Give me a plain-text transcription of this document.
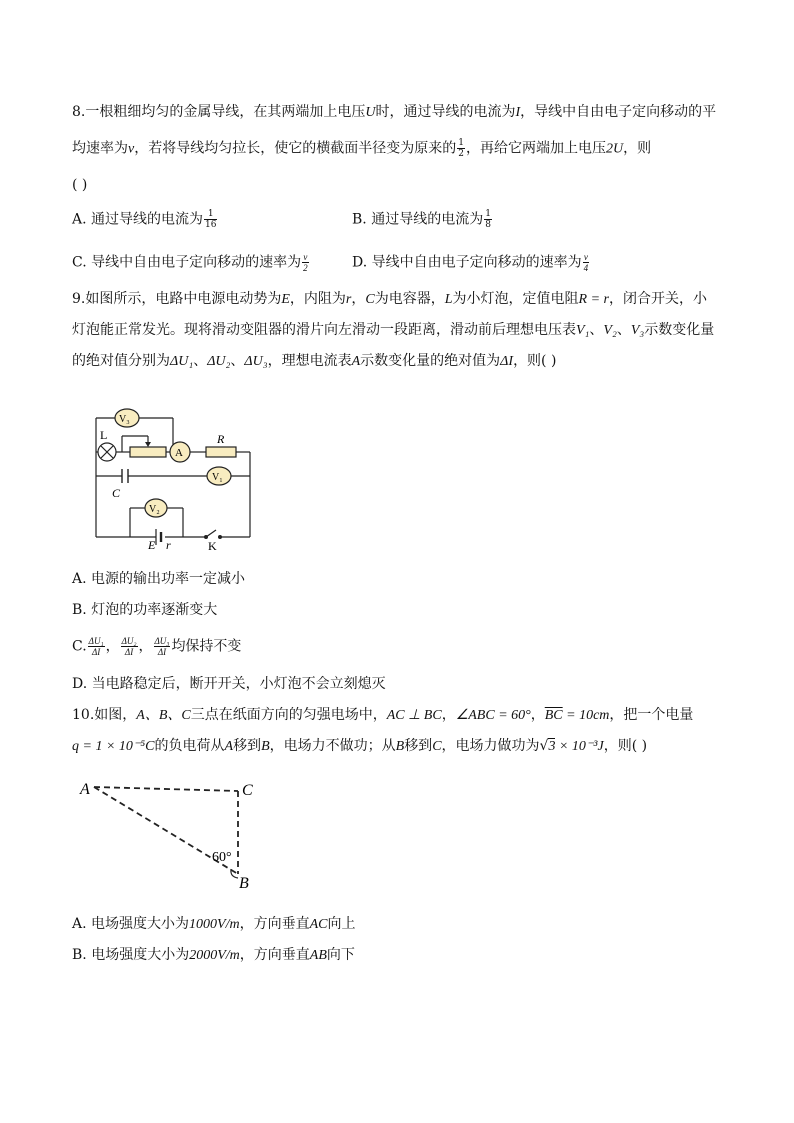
8.一根粗细均匀的金属导线，在其两端加上电压U时，通过导线的电流为I，导线中自由电子定向移动的平
均速率为v，若将导线均匀拉长，使它的横截面半径变为原来的 $\frac{1}{2}$ ，再给它两端加上电压2U，则
( )
A. 通过导线的电流为 $\frac{1}{16}$	B. 通过导线的电流为 $\frac{1}{8}$
C. 导线中自由电子定向移动的速率为 $\frac{v}{2}$	D. 导线中自由电子定向移动的速率为 $\frac{v}{4}$
9.如图所示，电路中电源电动势为E，内阻为r，C为电容器，L为小灯泡，定值电阻R = r，闭合开关，小
灯泡能正常发光。现将滑动变阻器的滑片向左滑动一段距离，滑动前后理想电压表V₁、V₂、V₃示数变化量
的绝对值分别为ΔU₁、ΔU₂、ΔU₃，理想电流表A示数变化量的绝对值为ΔI，则( )
V₃
L
A
R
V₁
C
V₂
E r	K
A. 电源的输出功率一定减小
B. 灯泡的功率逐渐变大
C. $\frac{\text{ΔU₁}}{\Delta I}$ ， $\frac{\text{ΔU₂}}{\Delta I}$ ， $\frac{\text{ΔU₃}}{\Delta I}$ 均保持不变
D. 当电路稳定后，断开开关，小灯泡不会立刻熄灭
10.如图，A、B、C三点在纸面方向的匀强电场中，AC ⊥ BC，∠ABC = 60°，$\overline{BC} = 10cm$，把一个电量
q = 1 × 10⁻⁵C的负电荷从A移到B，电场力不做功；从B移到C，电场力做功为√3 × 10⁻³J，则( )
A	C
B
60°
A. 电场强度大小为1000V/m，方向垂直AC向上
B. 电场强度大小为2000V/m，方向垂直AB向下
